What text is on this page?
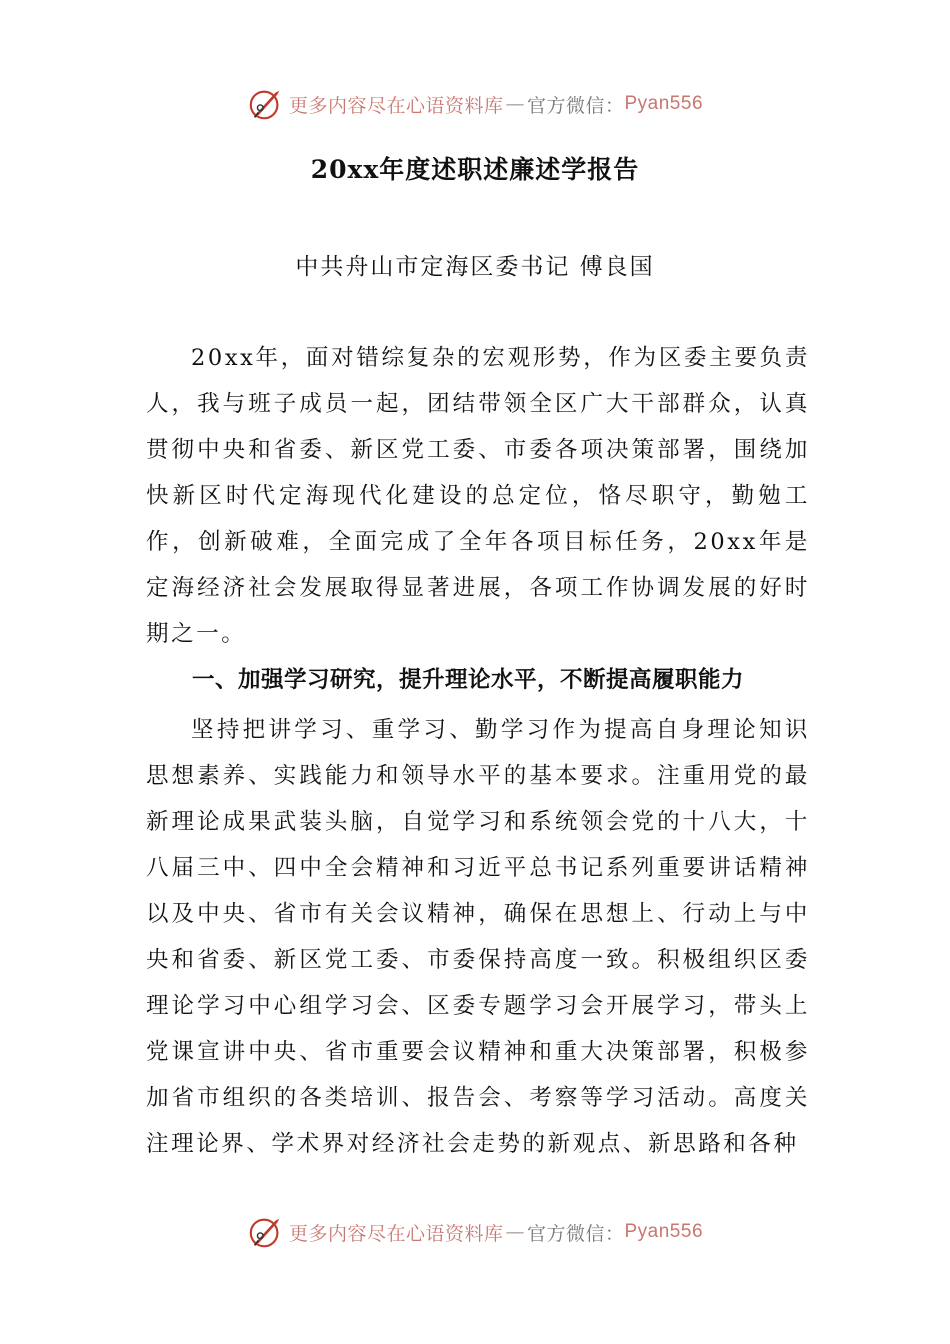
更多内容尽在心语资料库 — 官方微信： Pyan556
20xx年度述职述廉述学报告
中共舟山市定海区委书记 傅良国

20xx年，面对错综复杂的宏观形势，作为区委主要负责人，我与班子成员一起，团结带领全区广大干部群众，认真贯彻中央和省委、新区党工委、市委各项决策部署，围绕加快新区时代定海现代化建设的总定位，恪尽职守，勤勉工作，创新破难，全面完成了全年各项目标任务，20xx年是定海经济社会发展取得显著进展，各项工作协调发展的好时期之一。

一、加强学习研究，提升理论水平，不断提高履职能力

坚持把讲学习、重学习、勤学习作为提高自身理论知识思想素养、实践能力和领导水平的基本要求。注重用党的最新理论成果武装头脑，自觉学习和系统领会党的十八大，十八届三中、四中全会精神和习近平总书记系列重要讲话精神以及中央、省市有关会议精神，确保在思想上、行动上与中央和省委、新区党工委、市委保持高度一致。积极组织区委理论学习中心组学习会、区委专题学习会开展学习，带头上党课宣讲中央、省市重要会议精神和重大决策部署，积极参加省市组织的各类培训、报告会、考察等学习活动。高度关注理论界、学术界对经济社会走势的新观点、新思路和各种

更多内容尽在心语资料库 — 官方微信： Pyan556
